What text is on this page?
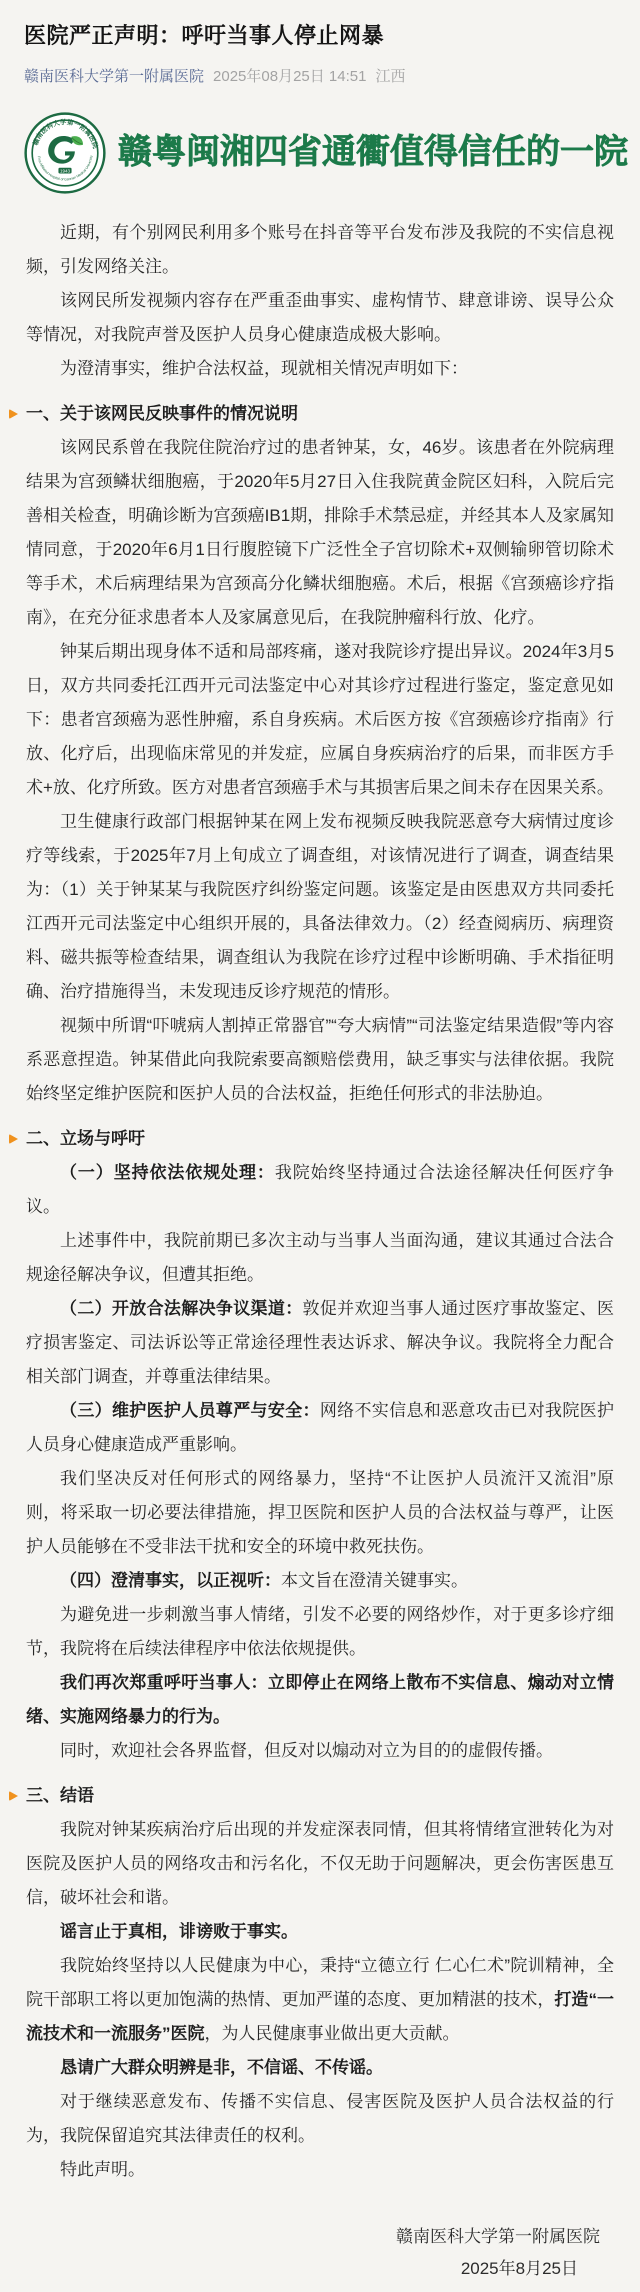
医院严正声明：呼吁当事人停止网暴
赣南医科大学第一附属医院 2025年08月25日 14:51 江西
赣南医科大学第一附属医院
First Affiliated Hospital of Gannan Medical University
1943 赣粤闽湘四省通衢值得信任的一院

近期，有个别网民利用多个账号在抖音等平台发布涉及我院的不实信息视频，引发网络关注。

该网民所发视频内容存在严重歪曲事实、虚构情节、肆意诽谤、误导公众等情况，对我院声誉及医护人员身心健康造成极大影响。

为澄清事实，维护合法权益，现就相关情况声明如下：

一、关于该网民反映事件的情况说明

该网民系曾在我院住院治疗过的患者钟某，女，46岁。该患者在外院病理结果为宫颈鳞状细胞癌，于2020年5月27日入住我院黄金院区妇科，入院后完善相关检查，明确诊断为宫颈癌IB1期，排除手术禁忌症，并经其本人及家属知情同意，于2020年6月1日行腹腔镜下广泛性全子宫切除术+双侧输卵管切除术等手术，术后病理结果为宫颈高分化鳞状细胞癌。术后，根据《宫颈癌诊疗指南》，在充分征求患者本人及家属意见后，在我院肿瘤科行放、化疗。

钟某后期出现身体不适和局部疼痛，遂对我院诊疗提出异议。2024年3月5日，双方共同委托江西开元司法鉴定中心对其诊疗过程进行鉴定，鉴定意见如下：患者宫颈癌为恶性肿瘤，系自身疾病。术后医方按《宫颈癌诊疗指南》行放、化疗后，出现临床常见的并发症，应属自身疾病治疗的后果，而非医方手术+放、化疗所致。医方对患者宫颈癌手术与其损害后果之间未存在因果关系。

卫生健康行政部门根据钟某在网上发布视频反映我院恶意夸大病情过度诊疗等线索，于2025年7月上旬成立了调查组，对该情况进行了调查，调查结果为：（1）关于钟某某与我院医疗纠纷鉴定问题。该鉴定是由医患双方共同委托江西开元司法鉴定中心组织开展的，具备法律效力。（2）经查阅病历、病理资料、磁共振等检查结果，调查组认为我院在诊疗过程中诊断明确、手术指征明确、治疗措施得当，未发现违反诊疗规范的情形。

视频中所谓“吓唬病人割掉正常器官”“夸大病情”“司法鉴定结果造假”等内容系恶意捏造。钟某借此向我院索要高额赔偿费用，缺乏事实与法律依据。我院始终坚定维护医院和医护人员的合法权益，拒绝任何形式的非法胁迫。

二、立场与呼吁

（一）坚持依法依规处理：我院始终坚持通过合法途径解决任何医疗争议。

上述事件中，我院前期已多次主动与当事人当面沟通，建议其通过合法合规途径解决争议，但遭其拒绝。

（二）开放合法解决争议渠道：敦促并欢迎当事人通过医疗事故鉴定、医疗损害鉴定、司法诉讼等正常途径理性表达诉求、解决争议。我院将全力配合相关部门调查，并尊重法律结果。

（三）维护医护人员尊严与安全：网络不实信息和恶意攻击已对我院医护人员身心健康造成严重影响。

我们坚决反对任何形式的网络暴力，坚持“不让医护人员流汗又流泪”原则，将采取一切必要法律措施，捍卫医院和医护人员的合法权益与尊严，让医护人员能够在不受非法干扰和安全的环境中救死扶伤。

（四）澄清事实，以正视听：本文旨在澄清关键事实。

为避免进一步刺激当事人情绪，引发不必要的网络炒作，对于更多诊疗细节，我院将在后续法律程序中依法依规提供。

我们再次郑重呼吁当事人：立即停止在网络上散布不实信息、煽动对立情绪、实施网络暴力的行为。

同时，欢迎社会各界监督，但反对以煽动对立为目的的虚假传播。

三、结语

我院对钟某疾病治疗后出现的并发症深表同情，但其将情绪宣泄转化为对医院及医护人员的网络攻击和污名化，不仅无助于问题解决，更会伤害医患互信，破坏社会和谐。

谣言止于真相，诽谤败于事实。

我院始终坚持以人民健康为中心，秉持“立德立行 仁心仁术”院训精神，全院干部职工将以更加饱满的热情、更加严谨的态度、更加精湛的技术，打造“一流技术和一流服务”医院，为人民健康事业做出更大贡献。

恳请广大群众明辨是非，不信谣、不传谣。

对于继续恶意发布、传播不实信息、侵害医院及医护人员合法权益的行为，我院保留追究其法律责任的权利。

特此声明。

赣南医科大学第一附属医院
2025年8月25日
